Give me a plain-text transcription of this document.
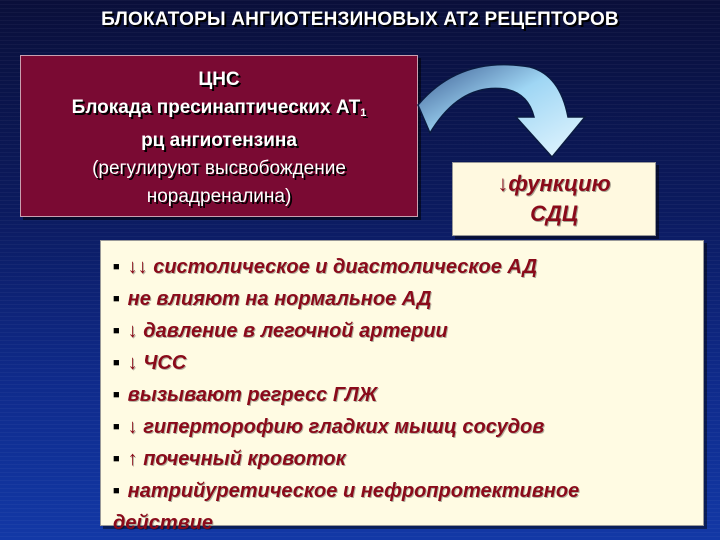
БЛОКАТОРЫ АНГИОТЕНЗИНОВЫХ АТ2 РЕЦЕПТОРОВ
ЦНС
Блокада пресинаптических $АТ_1$
рц ангиотензина
(регулируют высвобождение
норадреналина)
↓функцию
СДЦ
■ ↓↓ систолическое и диастолическое АД
■ не влияют на нормальное АД
■ ↓ давление в легочной артерии
■ ↓ ЧСС
■ вызывают регресс ГЛЖ
■ ↓ гиперторофию гладких мышц сосудов
■ ↑ почечный кровоток
■ натрийуретическое и нефропротективное
действие
